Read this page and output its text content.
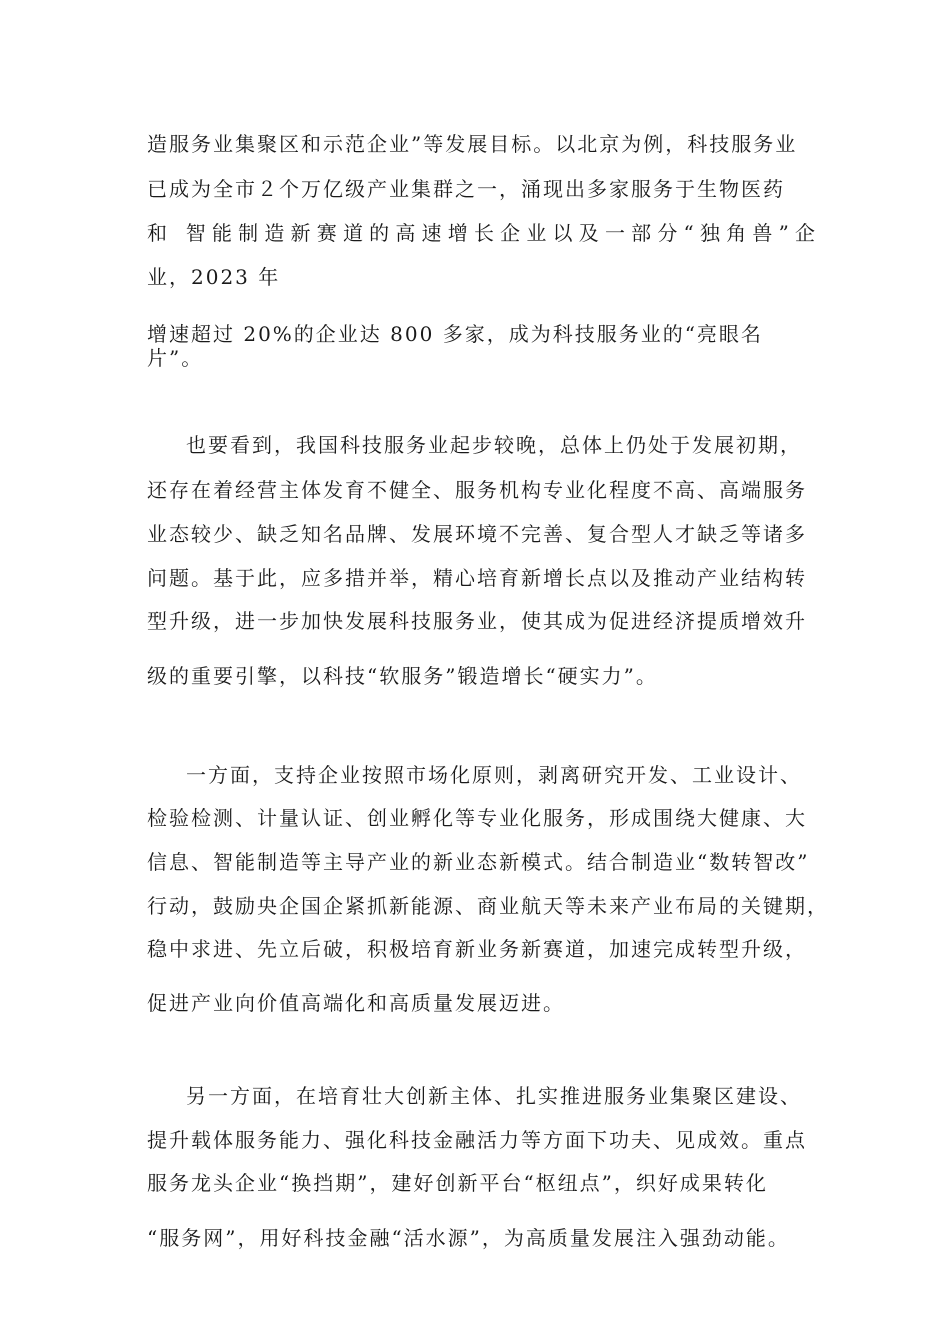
造服务业集聚区和示范企业”等发展目标。以北京为例，科技服务业
已成为全市２个万亿级产业集群之一，涌现出多家服务于生物医药
和 智能制造新赛道的高速增长企业以及一部分“独角兽”企
业，2023 年
增速超过 20%的企业达 800 多家，成为科技服务业的“亮眼名
片”。
也要看到，我国科技服务业起步较晚，总体上仍处于发展初期，
还存在着经营主体发育不健全、服务机构专业化程度不高、高端服务
业态较少、缺乏知名品牌、发展环境不完善、复合型人才缺乏等诸多
问题。基于此，应多措并举，精心培育新增长点以及推动产业结构转
型升级，进一步加快发展科技服务业，使其成为促进经济提质增效升
级的重要引擎，以科技“软服务”锻造增长“硬实力”。
一方面，支持企业按照市场化原则，剥离研究开发、工业设计、
检验检测、计量认证、创业孵化等专业化服务，形成围绕大健康、大
信息、智能制造等主导产业的新业态新模式。结合制造业“数转智改”
行动，鼓励央企国企紧抓新能源、商业航天等未来产业布局的关键期，
稳中求进、先立后破，积极培育新业务新赛道，加速完成转型升级，
促进产业向价值高端化和高质量发展迈进。
另一方面，在培育壮大创新主体、扎实推进服务业集聚区建设、
提升载体服务能力、强化科技金融活力等方面下功夫、见成效。重点
服务龙头企业“换挡期”，建好创新平台“枢纽点”，织好成果转化
“服务网”，用好科技金融“活水源”，为高质量发展注入强劲动能。
